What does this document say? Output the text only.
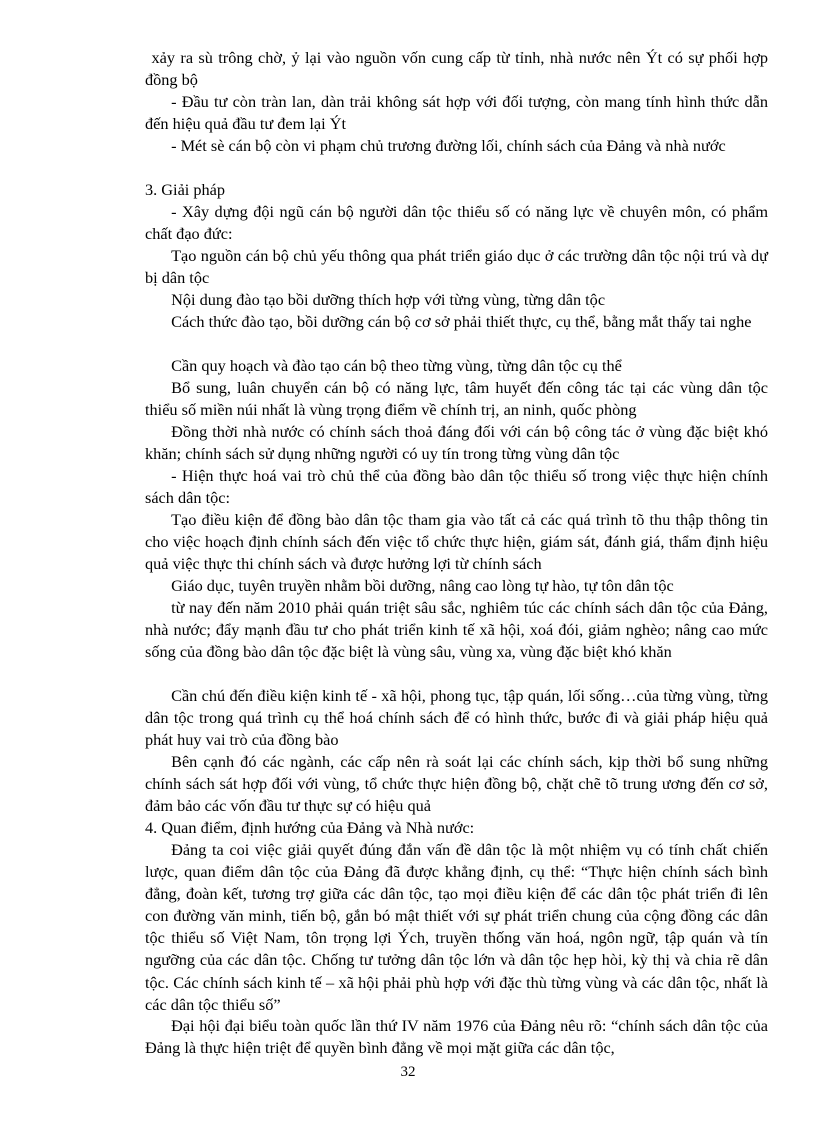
xảy ra sù trông chờ, ỷ lại vào nguồn vốn cung cấp từ tỉnh, nhà nước nên Ýt có sự phối hợp đồng bộ

- Đầu tư còn tràn lan, dàn trải không sát hợp với đối tượng, còn mang tính hình thức dẫn đến hiệu quả đầu tư đem lại Ýt

- Mét sè cán bộ còn vi phạm chủ trương đường lối, chính sách của Đảng và nhà nước

3. Giải pháp

- Xây dựng đội ngũ cán bộ người dân tộc thiểu số có năng lực về chuyên môn, có phẩm chất đạo đức:

Tạo nguồn cán bộ chủ yếu thông qua phát triển giáo dục ở các trường dân tộc nội trú và dự bị dân tộc

Nội dung đào tạo bồi dưỡng thích hợp với từng vùng, từng dân tộc

Cách thức đào tạo, bồi dưỡng cán bộ cơ sở phải thiết thực, cụ thể, bằng mắt thấy tai nghe

Cần quy hoạch và đào tạo cán bộ theo từng vùng, từng dân tộc cụ thể

Bổ sung, luân chuyển cán bộ có năng lực, tâm huyết đến công tác tại các vùng dân tộc thiểu số miền núi nhất là vùng trọng điểm về chính trị, an ninh, quốc phòng

Đồng thời nhà nước có chính sách thoả đáng đối với cán bộ công tác ở vùng đặc biệt khó khăn; chính sách sử dụng những người có uy tín trong từng vùng dân tộc

- Hiện thực hoá vai trò chủ thể của đồng bào dân tộc thiểu số trong việc thực hiện chính sách dân tộc:

Tạo điều kiện để đồng bào dân tộc tham gia vào tất cả các quá trình tõ thu thập thông tin cho việc hoạch định chính sách đến việc tổ chức thực hiện, giám sát, đánh giá, thẩm định hiệu quả việc thực thi chính sách và được hưởng lợi từ chính sách

Giáo dục, tuyên truyền nhằm bồi dưỡng, nâng cao lòng tự hào, tự tôn dân tộc

từ nay đến năm 2010 phải quán triệt sâu sắc, nghiêm túc các chính sách dân tộc của Đảng, nhà nước; đẩy mạnh đầu tư cho phát triển kinh tế xã hội, xoá đói, giảm nghèo; nâng cao mức sống của đồng bào dân tộc đặc biệt là vùng sâu, vùng xa, vùng đặc biệt khó khăn

Cần chú đến điều kiện kinh tế - xã hội, phong tục, tập quán, lối sống…của từng vùng, từng dân tộc trong quá trình cụ thể hoá chính sách để có hình thức, bước đi và giải pháp hiệu quả phát huy vai trò của đồng bào

Bên cạnh đó các ngành, các cấp nên rà soát lại các chính sách, kịp thời bổ sung những chính sách sát hợp đối với vùng, tổ chức thực hiện đồng bộ, chặt chẽ tõ trung ương đến cơ sở, đảm bảo các vốn đầu tư thực sự có hiệu quả

4. Quan điểm, định hướng của Đảng và Nhà nước:

Đảng ta coi việc giải quyết đúng đắn vấn đề dân tộc là một nhiệm vụ có tính chất chiến lược, quan điểm dân tộc của Đảng đã được khẳng định, cụ thể: “Thực hiện chính sách bình đẳng, đoàn kết, tương trợ giữa các dân tộc, tạo mọi điều kiện để các dân tộc phát triển đi lên con đường văn minh, tiến bộ, gắn bó mật thiết với sự phát triển chung của cộng đồng các dân tộc thiểu số Việt Nam, tôn trọng lợi Ých, truyền thống văn hoá, ngôn ngữ, tập quán và tín ngưỡng của các dân tộc. Chống tư tưởng dân tộc lớn và dân tộc hẹp hòi, kỳ thị và chia rẽ dân tộc. Các chính sách kinh tế – xã hội phải phù hợp với đặc thù từng vùng và các dân tộc, nhất là các dân tộc thiểu số”

Đại hội đại biểu toàn quốc lần thứ IV năm 1976 của Đảng nêu rõ: “chính sách dân tộc của Đảng là thực hiện triệt để quyền bình đẳng về mọi mặt giữa các dân tộc,

32
